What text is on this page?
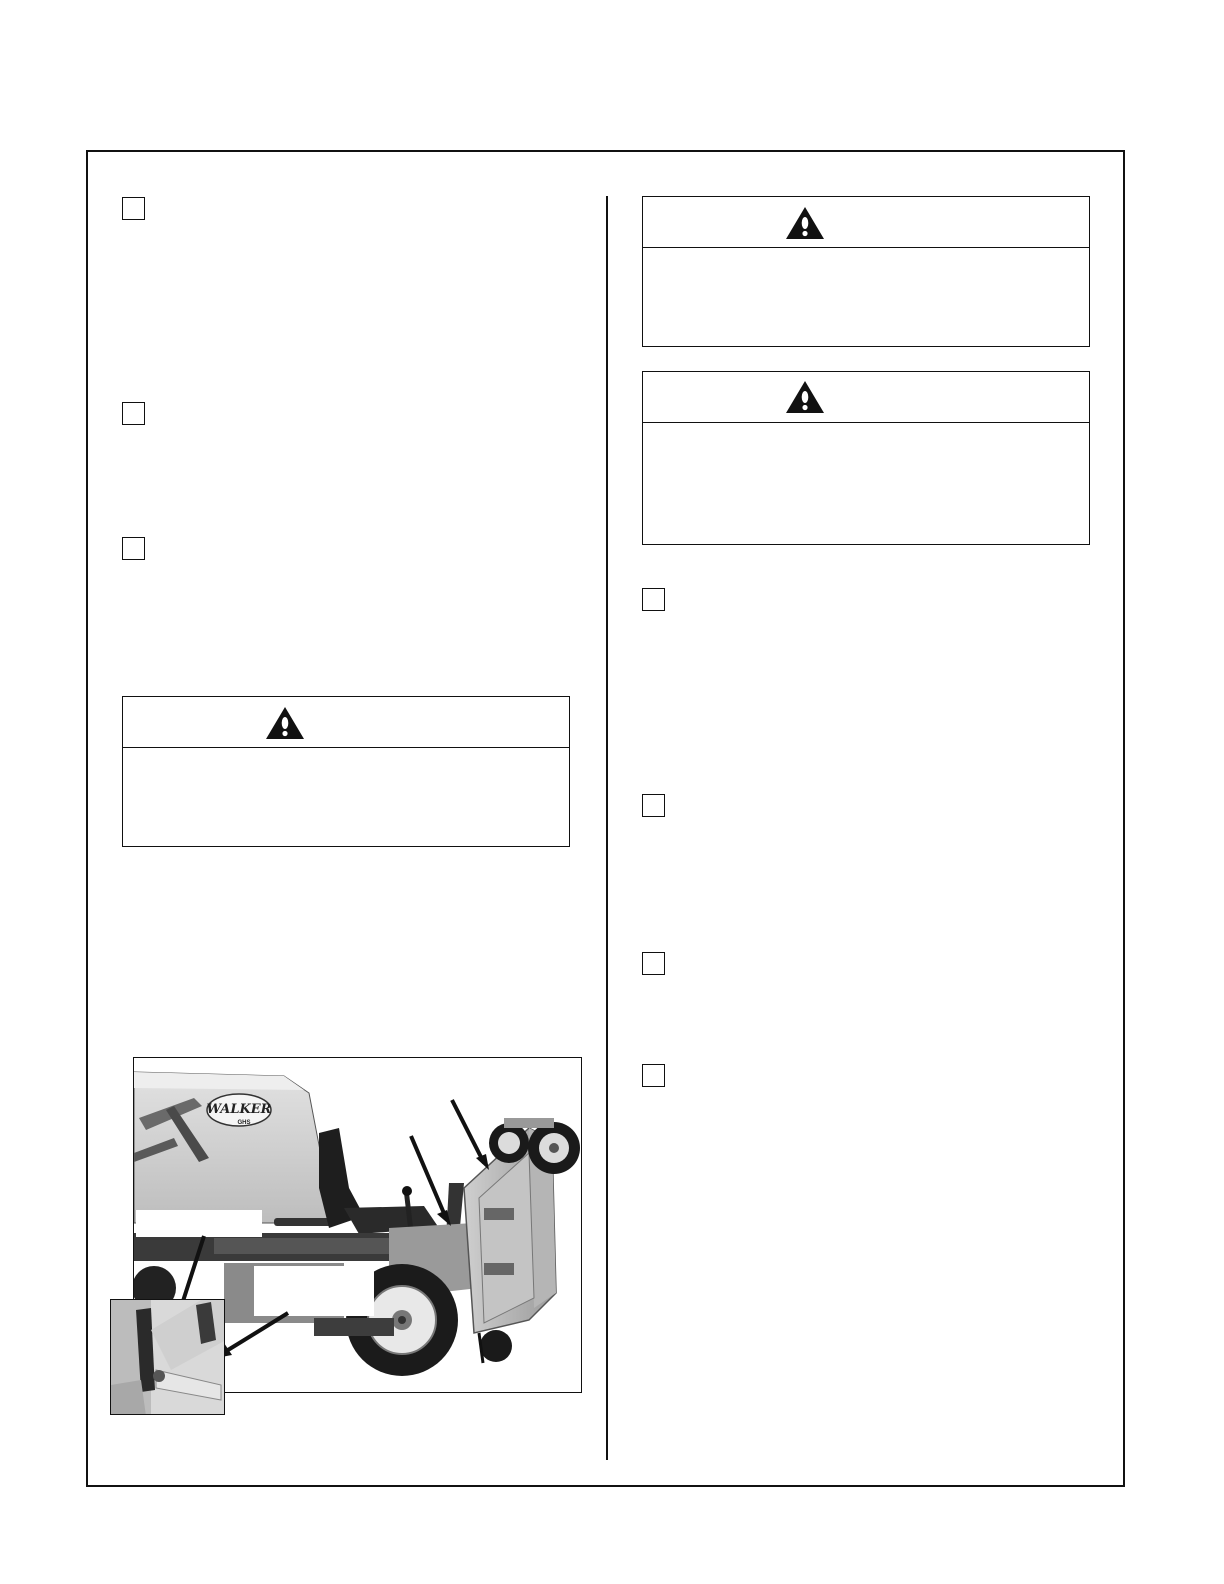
WALKER
GHS
